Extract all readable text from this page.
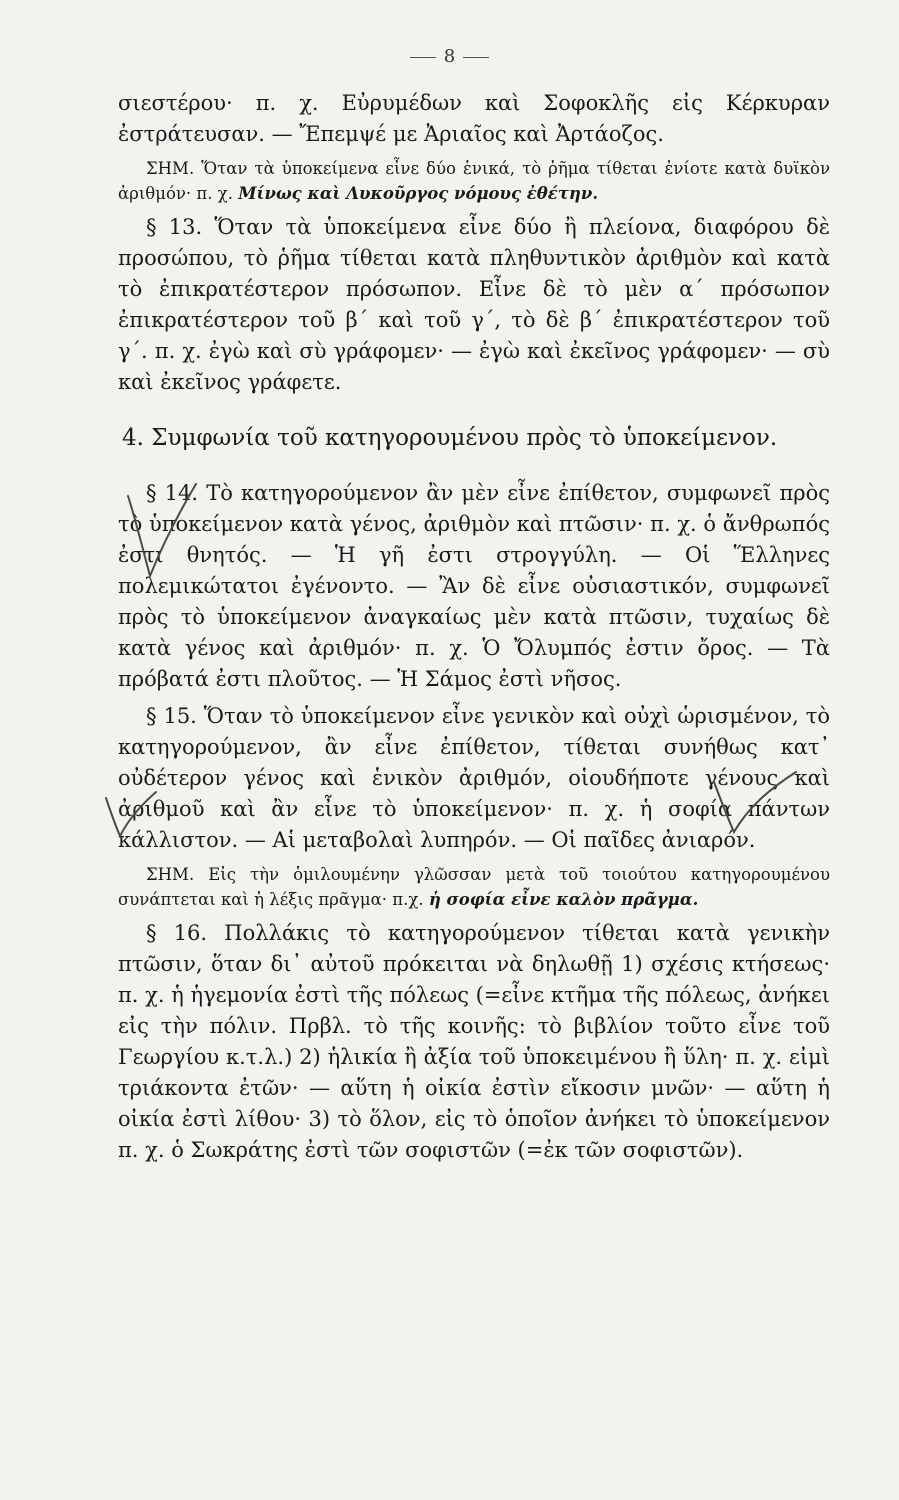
8

σιεστέρου· π. χ. Εὐρυμέδων καὶ Σοφοκλῆς εἰς Κέρκυραν ἐστράτευσαν. — Ἔπεμψέ με Ἀριαῖος καὶ Ἀρτάοζος.

ΣΗΜ. Ὅταν τὰ ὑποκείμενα εἶνε δύο ἑνικά, τὸ ῥῆμα τίθεται ἐνίοτε κατὰ δυϊκὸν ἀριθμόν· π. χ. Μίνως καὶ Λυκοῦργος νόμους ἐθέτην.

§ 13. Ὅταν τὰ ὑποκείμενα εἶνε δύο ἢ πλείονα, διαφόρου δὲ προσώπου, τὸ ῥῆμα τίθεται κατὰ πληθυντικὸν ἀριθμὸν καὶ κατὰ τὸ ἐπικρατέστερον πρόσωπον. Εἶνε δὲ τὸ μὲν α΄ πρόσωπον ἐπικρατέστερον τοῦ β΄ καὶ τοῦ γ΄, τὸ δὲ β΄ ἐπικρατέστερον τοῦ γ΄. π. χ. ἐγὼ καὶ σὺ γράφομεν· — ἐγὼ καὶ ἐκεῖνος γράφομεν· — σὺ καὶ ἐκεῖνος γράφετε.

4. Συμφωνία τοῦ κατηγορουμένου πρὸς τὸ ὑποκείμενον.

§ 14. Τὸ κατηγορούμενον ἂν μὲν εἶνε ἐπίθετον, συμφωνεῖ πρὸς τὸ ὑποκείμενον κατὰ γένος, ἀριθμὸν καὶ πτῶσιν· π. χ. ὁ ἄνθρωπός ἐστι θνητός. — Ἡ γῆ ἐστι στρογγύλη. — Οἱ Ἕλληνες πολεμικώτατοι ἐγένοντο. — Ἂν δὲ εἶνε οὐσιαστικόν, συμφωνεῖ πρὸς τὸ ὑποκείμενον ἀναγκαίως μὲν κατὰ πτῶσιν, τυχαίως δὲ κατὰ γένος καὶ ἀριθμόν· π. χ. Ὁ Ὄλυμπός ἐστιν ὄρος. — Τὰ πρόβατά ἐστι πλοῦτος. — Ἡ Σάμος ἐστὶ νῆσος.

§ 15. Ὅταν τὸ ὑποκείμενον εἶνε γενικὸν καὶ οὐχὶ ὡρισμένον, τὸ κατηγορούμενον, ἂν εἶνε ἐπίθετον, τίθεται συνήθως κατ᾽ οὐδέτερον γένος καὶ ἑνικὸν ἀριθμόν, οἱουδήποτε γένους καὶ ἀριθμοῦ καὶ ἂν εἶνε τὸ ὑποκείμενον· π. χ. ἡ σοφία πάντων κάλλιστον. — Αἱ μεταβολαὶ λυπηρόν. — Οἱ παῖδες ἀνιαρόν.

ΣΗΜ. Εἰς τὴν ὁμιλουμένην γλῶσσαν μετὰ τοῦ τοιούτου κατηγορουμένου συνάπτεται καὶ ἡ λέξις πρᾶγμα· π.χ. ἡ σοφία εἶνε καλὸν πρᾶγμα.

§ 16. Πολλάκις τὸ κατηγορούμενον τίθεται κατὰ γενικὴν πτῶσιν, ὅταν δι᾽ αὐτοῦ πρόκειται νὰ δηλωθῇ 1) σχέσις κτήσεως· π. χ. ἡ ἡγεμονία ἐστὶ τῆς πόλεως (=εἶνε κτῆμα τῆς πόλεως, ἀνήκει εἰς τὴν πόλιν. Πρβλ. τὸ τῆς κοινῆς: τὸ βιβλίον τοῦτο εἶνε τοῦ Γεωργίου κ.τ.λ.) 2) ἡλικία ἢ ἀξία τοῦ ὑποκειμένου ἢ ὕλη· π. χ. εἰμὶ τριάκοντα ἐτῶν· — αὕτη ἡ οἰκία ἐστὶν εἴκοσιν μνῶν· — αὕτη ἡ οἰκία ἐστὶ λίθου· 3) τὸ ὅλον, εἰς τὸ ὁποῖον ἀνήκει τὸ ὑποκείμενον π. χ. ὁ Σωκράτης ἐστὶ τῶν σοφιστῶν (=ἐκ τῶν σοφιστῶν).
